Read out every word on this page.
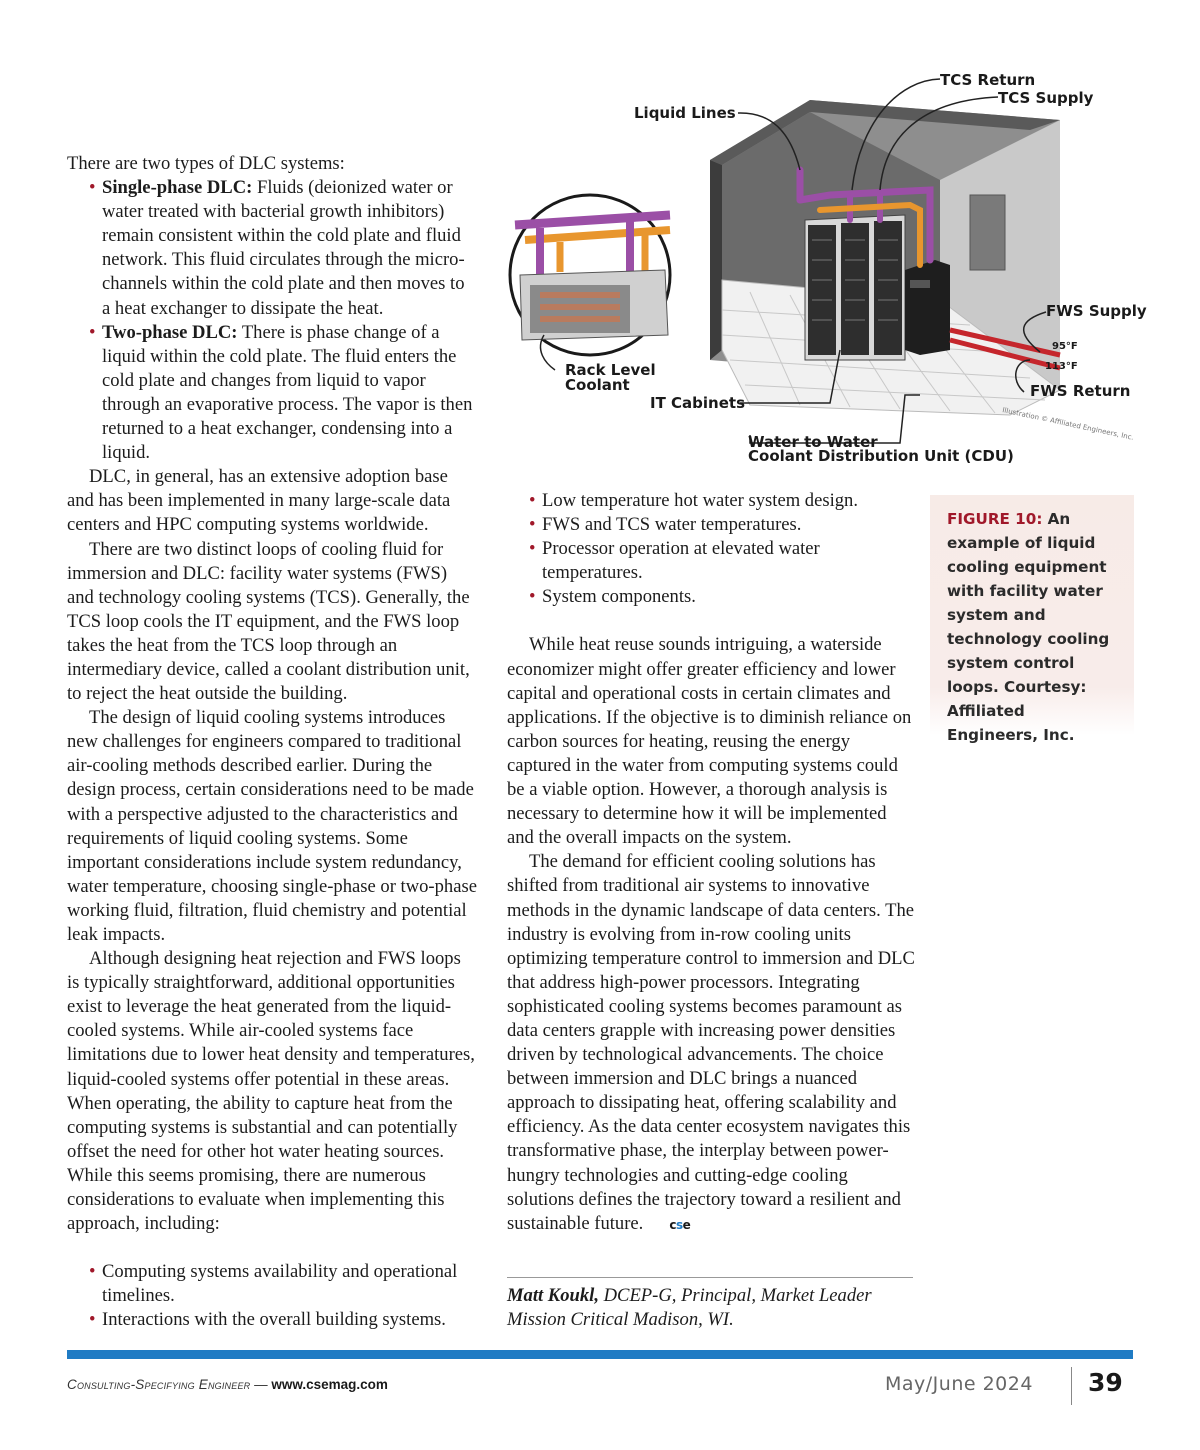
TCS Return
TCS Supply
Liquid Lines
FWS Supply
95°F
113°F
FWS Return
Rack Level
Coolant
IT Cabinets
Water to Water
Coolant Distribution Unit (CDU)
Illustration © Affiliated Engineers, Inc.

There are two types of DLC systems:

• Single-phase DLC: Fluids (deionized water or water treated with bacterial growth inhibitors) remain consistent within the cold plate and fluid network. This fluid circulates through the micro-channels within the cold plate and then moves to a heat exchanger to dissipate the heat.

• Two-phase DLC: There is phase change of a liquid within the cold plate. The fluid enters the cold plate and changes from liquid to vapor through an evaporative process. The vapor is then returned to a heat exchanger, condensing into a liquid.

DLC, in general, has an extensive adoption base and has been implemented in many large-scale data centers and HPC computing systems worldwide.

There are two distinct loops of cooling fluid for immersion and DLC: facility water systems (FWS) and technology cooling systems (TCS). Generally, the TCS loop cools the IT equipment, and the FWS loop takes the heat from the TCS loop through an intermediary device, called a coolant distribution unit, to reject the heat outside the building.

The design of liquid cooling systems introduces new challenges for engineers compared to traditional air-cooling methods described earlier. During the design process, certain considerations need to be made with a perspective adjusted to the characteristics and requirements of liquid cooling systems. Some important considerations include system redundancy, water temperature, choosing single-phase or two-phase working fluid, filtration, fluid chemistry and potential leak impacts.

Although designing heat rejection and FWS loops is typically straightforward, additional opportunities exist to leverage the heat generated from the liquid-cooled systems. While air-cooled systems face limitations due to lower heat density and temperatures, liquid-cooled systems offer potential in these areas. When operating, the ability to capture heat from the computing systems is substantial and can potentially offset the need for other hot water heating sources. While this seems promising, there are numerous considerations to evaluate when implementing this approach, including:

• Computing systems availability and operational timelines.

• Interactions with the overall building systems.

• Low temperature hot water system design.

• FWS and TCS water temperatures.

• Processor operation at elevated water temperatures.

• System components.

While heat reuse sounds intriguing, a waterside economizer might offer greater efficiency and lower capital and operational costs in certain climates and applications. If the objective is to diminish reliance on carbon sources for heating, reusing the energy captured in the water from computing systems could be a viable option. However, a thorough analysis is necessary to determine how it will be implemented and the overall impacts on the system.

The demand for efficient cooling solutions has shifted from traditional air systems to innovative methods in the dynamic landscape of data centers. The industry is evolving from in-row cooling units optimizing temperature control to immersion and DLC that address high-power processors. Integrating sophisticated cooling systems becomes paramount as data centers grapple with increasing power densities driven by technological advancements. The choice between immersion and DLC brings a nuanced approach to dissipating heat, offering scalability and efficiency. As the data center ecosystem navigates this transformative phase, the interplay between power-hungry technologies and cutting-edge cooling solutions defines the trajectory toward a resilient and sustainable future. cse

Matt Koukl, DCEP-G, Principal, Market Leader Mission Critical Madison, WI.
FIGURE 10: An example of liquid cooling equipment with facility water system and technology cooling system control loops. Courtesy: Affiliated Engineers, Inc.
Consulting-Specifying Engineer — www.csemag.com	May/June 2024 39
